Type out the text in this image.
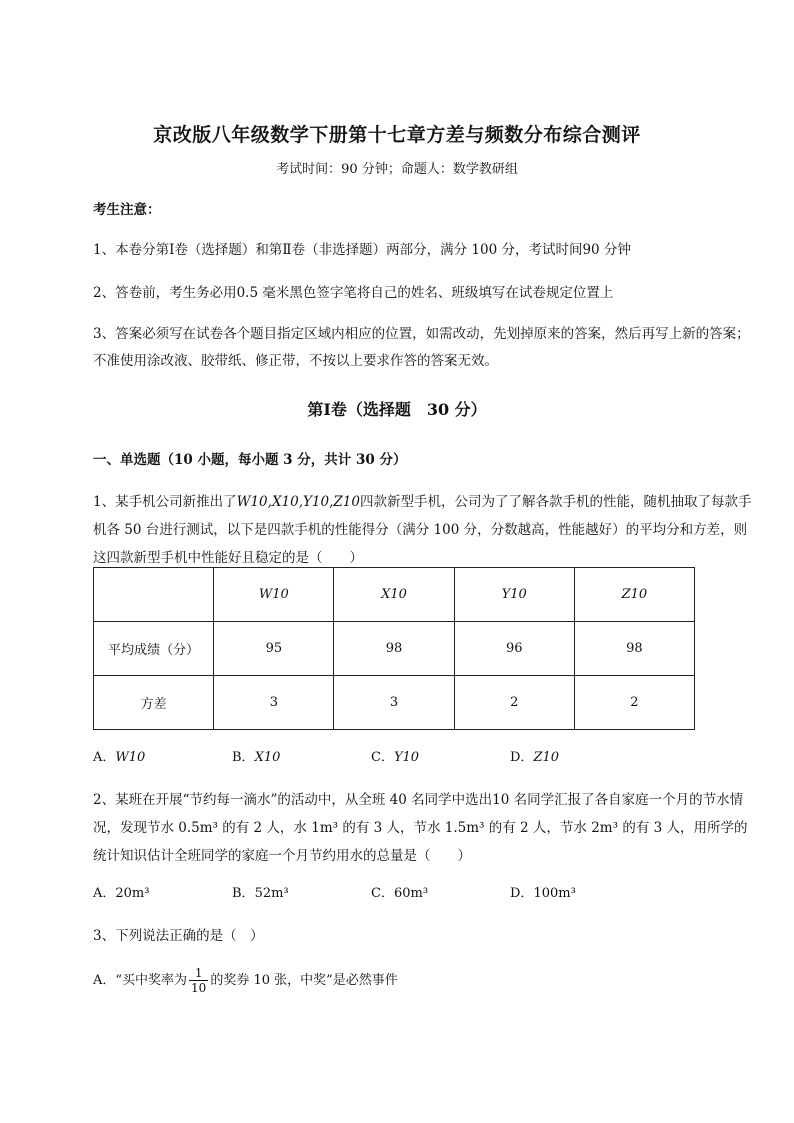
京改版八年级数学下册第十七章方差与频数分布综合测评
考试时间：90 分钟；命题人：数学教研组
考生注意：
1、本卷分第Ⅰ卷（选择题）和第Ⅱ卷（非选择题）两部分，满分 100 分，考试时间90 分钟
2、答卷前，考生务必用0.5 毫米黑色签字笔将自己的姓名、班级填写在试卷规定位置上
3、答案必须写在试卷各个题目指定区域内相应的位置，如需改动，先划掉原来的答案，然后再写上新的答案；不准使用涂改液、胶带纸、修正带，不按以上要求作答的答案无效。
第Ⅰ卷（选择题　30 分）
一、单选题（10 小题，每小题 3 分，共计 30 分）
1、某手机公司新推出了W10,X10,Y10,Z10四款新型手机，公司为了了解各款手机的性能，随机抽取了每款手机各 50 台进行测试，以下是四款手机的性能得分（满分 100 分，分数越高，性能越好）的平均分和方差，则这四款新型手机中性能好且稳定的是（　　）
	W10	X10	Y10	Z10
平均成绩（分）	95	98	96	98
方差	3	3	2	2
A．W10	B．X10	C．Y10	D．Z10
2、某班在开展“节约每一滴水”的活动中，从全班 40 名同学中选出10 名同学汇报了各自家庭一个月的节水情况，发现节水 0.5m³ 的有 2 人，水 1m³ 的有 3 人，节水 1.5m³ 的有 2 人，节水 2m³ 的有 3 人，用所学的统计知识估计全班同学的家庭一个月节约用水的总量是（　　）
A．20m³	B．52m³	C．60m³	D．100m³
3、下列说法正确的是（　）
A．“买中奖率为 $\frac{1}{10}$ 的奖券 10 张，中奖”是必然事件
